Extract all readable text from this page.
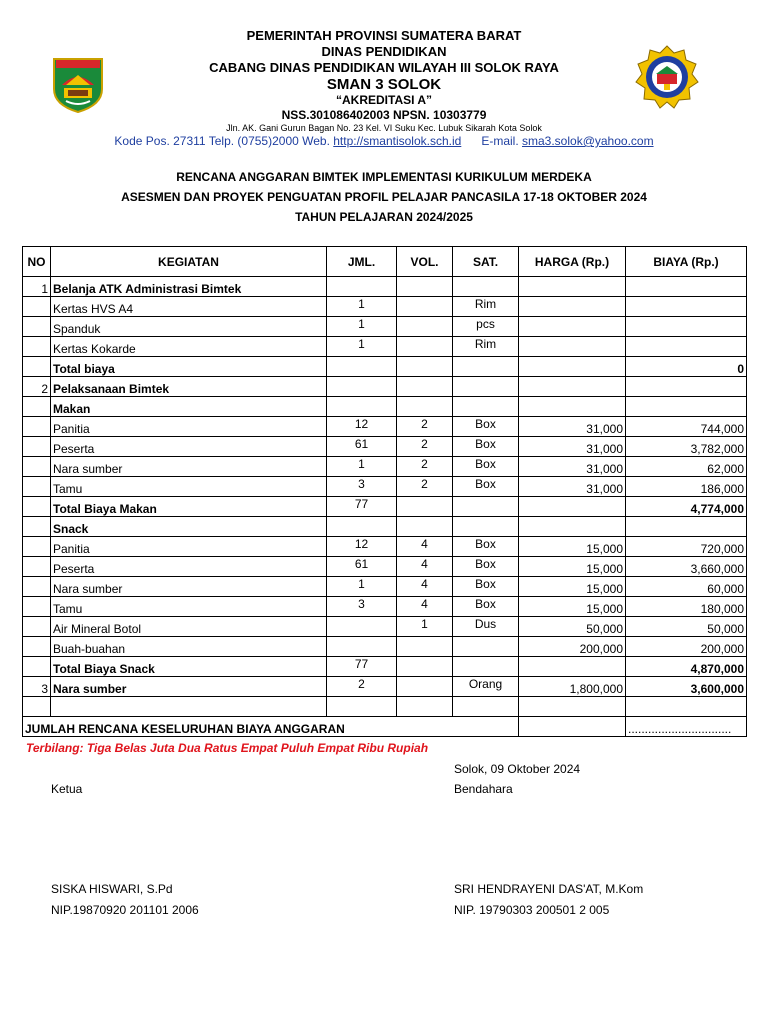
PEMERINTAH PROVINSI SUMATERA BARAT
DINAS PENDIDIKAN
CABANG DINAS PENDIDIKAN WILAYAH III SOLOK RAYA
SMAN 3 SOLOK
“AKREDITASI A”
NSS.301086402003 NPSN. 10303779
Jln. AK. Gani Gurun Bagan No. 23 Kel. VI Suku Kec. Lubuk Sikarah Kota Solok
Kode Pos. 27311 Telp. (0755)2000 Web. http://smantisolok.sch.id      E-mail. sma3.solok@yahoo.com
RENCANA ANGGARAN BIMTEK IMPLEMENTASI KURIKULUM MERDEKA
ASESMEN DAN PROYEK PENGUATAN PROFIL PELAJAR PANCASILA 17-18 OKTOBER 2024
TAHUN PELAJARAN 2024/2025
NO	KEGIATAN	JML.	VOL.	SAT.	HARGA (Rp.)	BIAYA (Rp.)
1	Belanja ATK Administrasi Bimtek					
	Kertas HVS A4	1		Rim		
	Spanduk	1		pcs		
	Kertas Kokarde	1		Rim		
	Total biaya					0
2	Pelaksanaan Bimtek					
	Makan					
	Panitia	12	2	Box	31,000	744,000
	Peserta	61	2	Box	31,000	3,782,000
	Nara sumber	1	2	Box	31,000	62,000
	Tamu	3	2	Box	31,000	186,000
	Total Biaya Makan	77				4,774,000
	Snack					
	Panitia	12	4	Box	15,000	720,000
	Peserta	61	4	Box	15,000	3,660,000
	Nara sumber	1	4	Box	15,000	60,000
	Tamu	3	4	Box	15,000	180,000
	Air Mineral Botol		1	Dus	50,000	50,000
	Buah-buahan				200,000	200,000
	Total Biaya Snack	77				4,870,000
3	Nara sumber	2		Orang	1,800,000	3,600,000

JUMLAH RENCANA KESELURUHAN BIAYA ANGGARAN						...............................
Terbilang: Tiga Belas Juta Dua Ratus Empat Puluh Empat Ribu Rupiah
Solok, 09 Oktober 2024
Ketua	Bendahara
SISKA HISWARI, S.Pd
NIP.19870920 201101 2006
SRI HENDRAYENI DAS'AT, M.Kom
NIP. 19790303 200501 2 005
